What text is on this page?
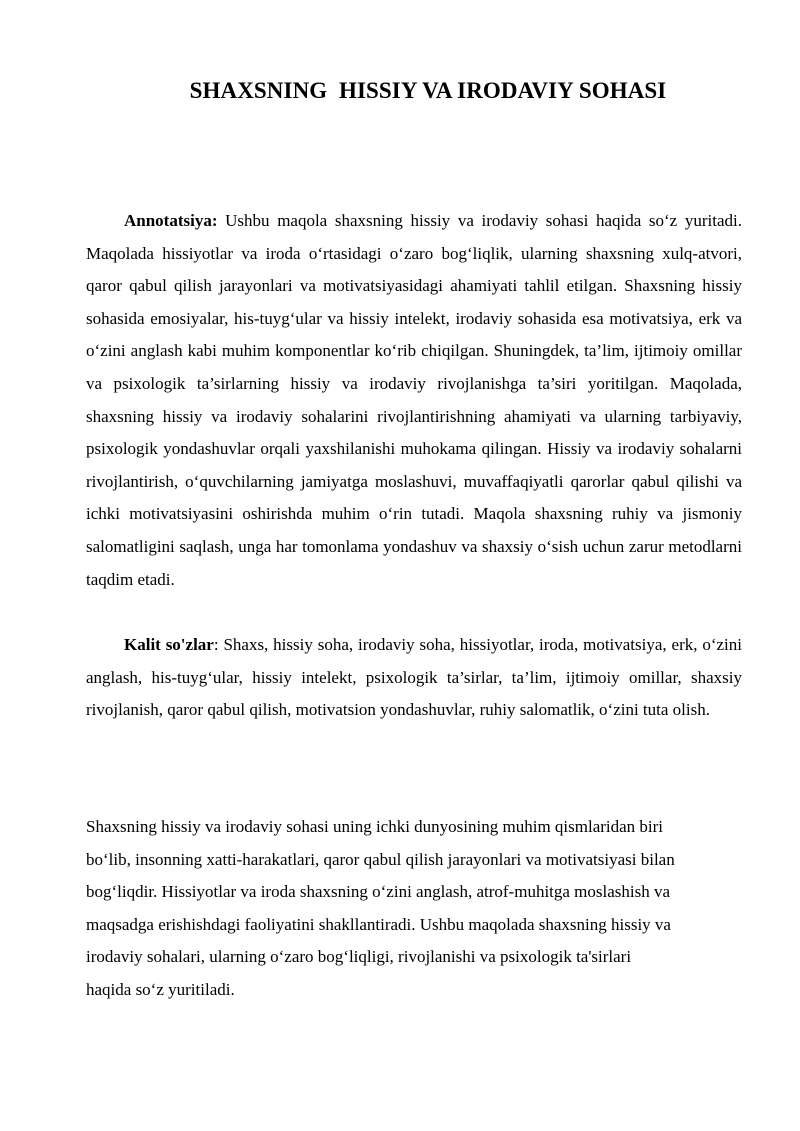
SHAXSNING  HISSIY VA IRODAVIY SOHASI

Annotatsiya: Ushbu maqola shaxsning hissiy va irodaviy sohasi haqida so‘z yuritadi. Maqolada hissiyotlar va iroda o‘rtasidagi o‘zaro bog‘liqlik, ularning shaxsning xulq-atvori, qaror qabul qilish jarayonlari va motivatsiyasidagi ahamiyati tahlil etilgan. Shaxsning hissiy sohasida emosiyalar, his-tuyg‘ular va hissiy intelekt, irodaviy sohasida esa motivatsiya, erk va o‘zini anglash kabi muhim komponentlar ko‘rib chiqilgan. Shuningdek, ta’lim, ijtimoiy omillar va psixologik ta’sirlarning hissiy va irodaviy rivojlanishga ta’siri yoritilgan. Maqolada, shaxsning hissiy va irodaviy sohalarini rivojlantirishning ahamiyati va ularning tarbiyaviy, psixologik yondashuvlar orqali yaxshilanishi muhokama qilingan. Hissiy va irodaviy sohalarni rivojlantirish, o‘quvchilarning jamiyatga moslashuvi, muvaffaqiyatli qarorlar qabul qilishi va ichki motivatsiyasini oshirishda muhim o‘rin tutadi. Maqola shaxsning ruhiy va jismoniy salomatligini saqlash, unga har tomonlama yondashuv va shaxsiy o‘sish uchun zarur metodlarni taqdim etadi.

Kalit so'zlar: Shaxs, hissiy soha, irodaviy soha, hissiyotlar, iroda, motivatsiya, erk, o‘zini anglash, his-tuyg‘ular, hissiy intelekt, psixologik ta’sirlar, ta’lim, ijtimoiy omillar, shaxsiy rivojlanish, qaror qabul qilish, motivatsion yondashuvlar, ruhiy salomatlik, o‘zini tuta olish.

Shaxsning hissiy va irodaviy sohasi uning ichki dunyosining muhim qismlaridan biri
bo‘lib, insonning xatti-harakatlari, qaror qabul qilish jarayonlari va motivatsiyasi bilan
bog‘liqdir. Hissiyotlar va iroda shaxsning o‘zini anglash, atrof-muhitga moslashish va
maqsadga erishishdagi faoliyatini shakllantiradi. Ushbu maqolada shaxsning hissiy va
irodaviy sohalari, ularning o‘zaro bog‘liqligi, rivojlanishi va psixologik ta'sirlari
haqida so‘z yuritiladi.
